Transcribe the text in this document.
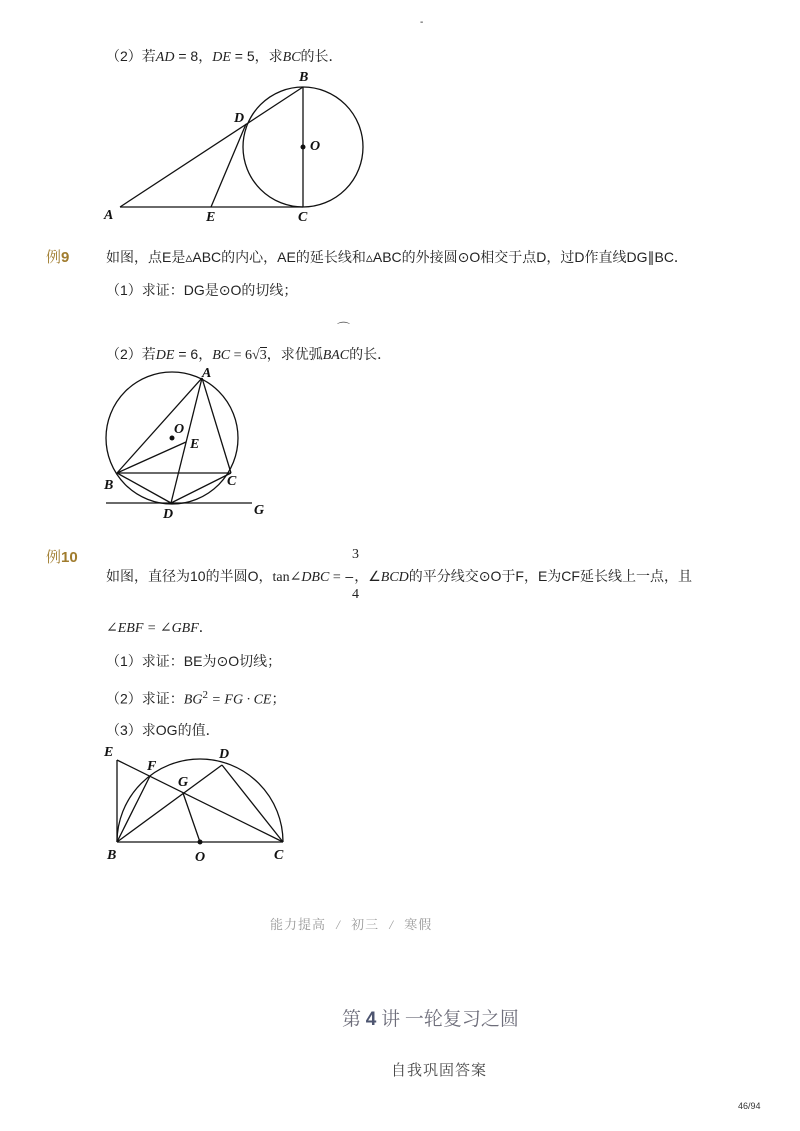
-
（2）若AD = 8，DE = 5，求BC的长．
B
D
O
A	E	C
例9	如图，点E是▵ABC的内心，AE的延长线和▵ABC的外接圆⊙O相交于点D，过D作直线DG∥BC．
（1）求证：DG是⊙O的切线；
⌒
（2）若DE = 6，BC = 6√3，求优弧BAC的长．
A
O
E
B	C
D	G
例10	3
4
如图，直径为10的半圆O，tan∠DBC = –，∠BCD的平分线交⊙O于F，E为CF延长线上一点，且
∠EBF = ∠GBF．
（1）求证：BE为⊙O切线；
（2）求证：$BG^2$ = FG · CE；
（3）求OG的值．
E	D
F
G
B	O	C
能力提高 / 初三 / 寒假
第 4 讲 一轮复习之圆
自我巩固答案
46/94
